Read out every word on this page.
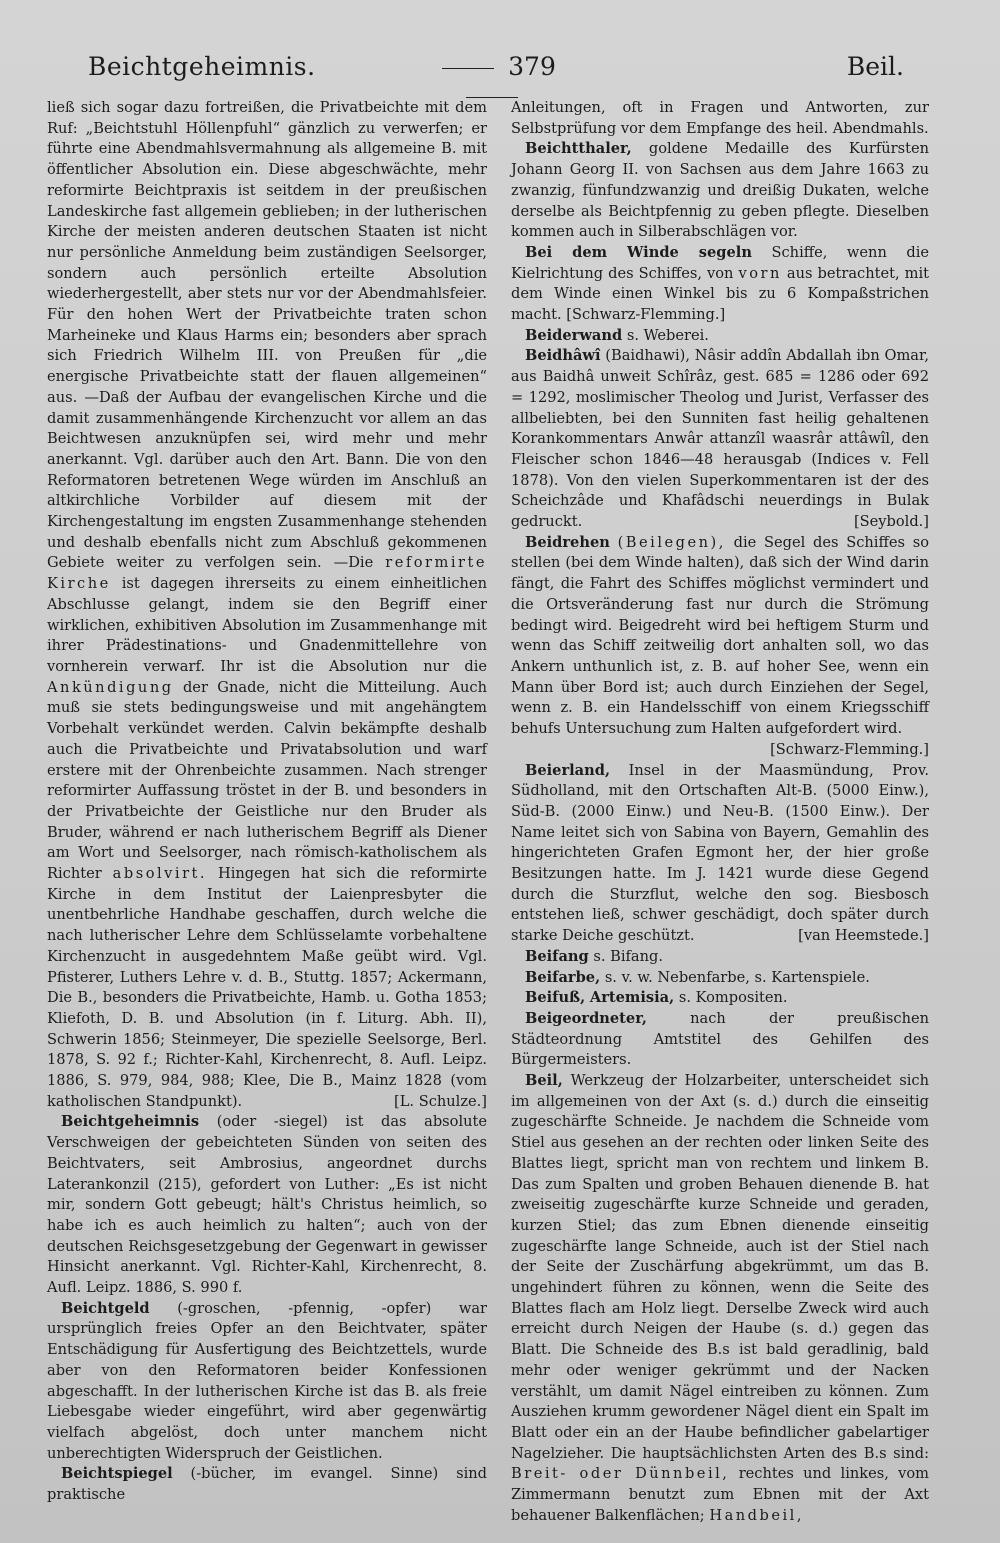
Beichtgeheimnis.	379	Beil.

ließ sich sogar dazu fortreißen, die Privatbeichte mit dem Ruf: „Beichtstuhl Höllenpfuhl“ gänzlich zu verwerfen; er führte eine Abendmahlsvermahnung als allgemeine B. mit öffentlicher Absolution ein. Diese abgeschwächte, mehr reformirte Beichtpraxis ist seitdem in der preußischen Landeskirche fast allgemein geblieben; in der lutherischen Kirche der meisten anderen deutschen Staaten ist nicht nur persönliche Anmeldung beim zuständigen Seelsorger, sondern auch persönlich erteilte Absolution wiederhergestellt, aber stets nur vor der Abendmahlsfeier. Für den hohen Wert der Privatbeichte traten schon Marheineke und Klaus Harms ein; besonders aber sprach sich Friedrich Wilhelm III. von Preußen für „die energische Privatbeichte statt der flauen allgemeinen“ aus. —Daß der Aufbau der evangelischen Kirche und die damit zusammenhängende Kirchenzucht vor allem an das Beichtwesen anzuknüpfen sei, wird mehr und mehr anerkannt. Vgl. darüber auch den Art. Bann. Die von den Reformatoren betretenen Wege würden im Anschluß an altkirchliche Vorbilder auf diesem mit der Kirchengestaltung im engsten Zusammenhange stehenden und deshalb ebenfalls nicht zum Abschluß gekommenen Gebiete weiter zu verfolgen sein. —Die reformirte Kirche ist dagegen ihrerseits zu einem einheitlichen Abschlusse gelangt, indem sie den Begriff einer wirklichen, exhibitiven Absolution im Zusammenhange mit ihrer Prädestinations- und Gnadenmittellehre von vornherein verwarf. Ihr ist die Absolution nur die Ankündigung der Gnade, nicht die Mitteilung. Auch muß sie stets bedingungsweise und mit angehängtem Vorbehalt verkündet werden. Calvin bekämpfte deshalb auch die Privatbeichte und Privatabsolution und warf erstere mit der Ohrenbeichte zusammen. Nach strenger reformirter Auffassung tröstet in der B. und besonders in der Privatbeichte der Geistliche nur den Bruder als Bruder, während er nach lutherischem Begriff als Diener am Wort und Seelsorger, nach römisch-katholischem als Richter absolvirt. Hingegen hat sich die reformirte Kirche in dem Institut der Laienpresbyter die unentbehrliche Handhabe geschaffen, durch welche die nach lutherischer Lehre dem Schlüsselamte vorbehaltene Kirchenzucht in ausgedehntem Maße geübt wird. Vgl. Pfisterer, Luthers Lehre v. d. B., Stuttg. 1857; Ackermann, Die B., besonders die Privatbeichte, Hamb. u. Gotha 1853; Kliefoth, D. B. und Absolution (in f. Liturg. Abh. II), Schwerin 1856; Steinmeyer, Die spezielle Seelsorge, Berl. 1878, S. 92 f.; Richter-Kahl, Kirchenrecht, 8. Aufl. Leipz. 1886, S. 979, 984, 988; Klee, Die B., Mainz 1828 (vom katholischen Standpunkt).	[L. Schulze.]

Beichtgeheimnis (oder -siegel) ist das absolute Verschweigen der gebeichteten Sünden von seiten des Beichtvaters, seit Ambrosius, angeordnet durchs Laterankonzil (215), gefordert von Luther: „Es ist nicht mir, sondern Gott gebeugt; hält's Christus heimlich, so habe ich es auch heimlich zu halten“; auch von der deutschen Reichsgesetzgebung der Gegenwart in gewisser Hinsicht anerkannt. Vgl. Richter-Kahl, Kirchenrecht, 8. Aufl. Leipz. 1886, S. 990 f.

Beichtgeld (-groschen, -pfennig, -opfer) war ursprünglich freies Opfer an den Beichtvater, später Entschädigung für Ausfertigung des Beichtzettels, wurde aber von den Reformatoren beider Konfessionen abgeschafft. In der lutherischen Kirche ist das B. als freie Liebesgabe wieder eingeführt, wird aber gegenwärtig vielfach abgelöst, doch unter manchem nicht unberechtigten Widerspruch der Geistlichen.

Beichtspiegel (-bücher, im evangel. Sinne) sind praktische

Anleitungen, oft in Fragen und Antworten, zur Selbstprüfung vor dem Empfange des heil. Abendmahls.

Beichtthaler, goldene Medaille des Kurfürsten Johann Georg II. von Sachsen aus dem Jahre 1663 zu zwanzig, fünfundzwanzig und dreißig Dukaten, welche derselbe als Beichtpfennig zu geben pflegte. Dieselben kommen auch in Silberabschlägen vor.

Bei dem Winde segeln Schiffe, wenn die Kielrichtung des Schiffes, von vorn aus betrachtet, mit dem Winde einen Winkel bis zu 6 Kompaßstrichen macht. [Schwarz-Flemming.]

Beiderwand s. Weberei.

Beidhâwî (Baidhawi), Nâsir addîn Abdallah ibn Omar, aus Baidhâ unweit Schîrâz, gest. 685 = 1286 oder 692 = 1292, moslimischer Theolog und Jurist, Verfasser des allbeliebten, bei den Sunniten fast heilig gehaltenen Korankommentars Anwâr attanzîl waasrâr attâwîl, den Fleischer schon 1846—48 herausgab (Indices v. Fell 1878). Von den vielen Superkommentaren ist der des Scheichzâde und Khafâdschi neuerdings in Bulak gedruckt.	[Seybold.]

Beidrehen (Beilegen), die Segel des Schiffes so stellen (bei dem Winde halten), daß sich der Wind darin fängt, die Fahrt des Schiffes möglichst vermindert und die Ortsveränderung fast nur durch die Strömung bedingt wird. Beigedreht wird bei heftigem Sturm und wenn das Schiff zeitweilig dort anhalten soll, wo das Ankern unthunlich ist, z. B. auf hoher See, wenn ein Mann über Bord ist; auch durch Einziehen der Segel, wenn z. B. ein Handelsschiff von einem Kriegsschiff behufs Untersuchung zum Halten aufgefordert wird.
[Schwarz-Flemming.]

Beierland, Insel in der Maasmündung, Prov. Südholland, mit den Ortschaften Alt-B. (5000 Einw.), Süd-B. (2000 Einw.) und Neu-B. (1500 Einw.). Der Name leitet sich von Sabina von Bayern, Gemahlin des hingerichteten Grafen Egmont her, der hier große Besitzungen hatte. Im J. 1421 wurde diese Gegend durch die Sturzflut, welche den sog. Biesbosch entstehen ließ, schwer geschädigt, doch später durch starke Deiche geschützt.	[van Heemstede.]

Beifang s. Bifang.

Beifarbe, s. v. w. Nebenfarbe, s. Kartenspiele.

Beifuß, Artemisia, s. Kompositen.

Beigeordneter,	nach der preußischen Städteordnung Amtstitel des Gehilfen des Bürgermeisters.

Beil, Werkzeug der Holzarbeiter, unterscheidet sich im allgemeinen von der Axt (s. d.) durch die einseitig zugeschärfte Schneide. Je nachdem die Schneide vom Stiel aus gesehen an der rechten oder linken Seite des Blattes liegt, spricht man von rechtem und linkem B. Das zum Spalten und groben Behauen dienende B. hat zweiseitig zugeschärfte kurze Schneide und geraden, kurzen Stiel; das zum Ebnen dienende einseitig zugeschärfte lange Schneide, auch ist der Stiel nach der Seite der Zuschärfung abgekrümmt, um das B. ungehindert führen zu können, wenn die Seite des Blattes flach am Holz liegt. Derselbe Zweck wird auch erreicht durch Neigen der Haube (s. d.) gegen das Blatt. Die Schneide des B.s ist bald geradlinig, bald mehr oder weniger gekrümmt und der Nacken verstählt, um damit Nägel eintreiben zu können. Zum Ausziehen krumm gewordener Nägel dient ein Spalt im Blatt oder ein an der Haube befindlicher gabelartiger Nagelzieher. Die hauptsächlichsten Arten des B.s sind: Breit- oder Dünnbeil, rechtes und linkes, vom Zimmermann benutzt zum Ebnen mit der Axt behauener Balkenflächen; Handbeil,
